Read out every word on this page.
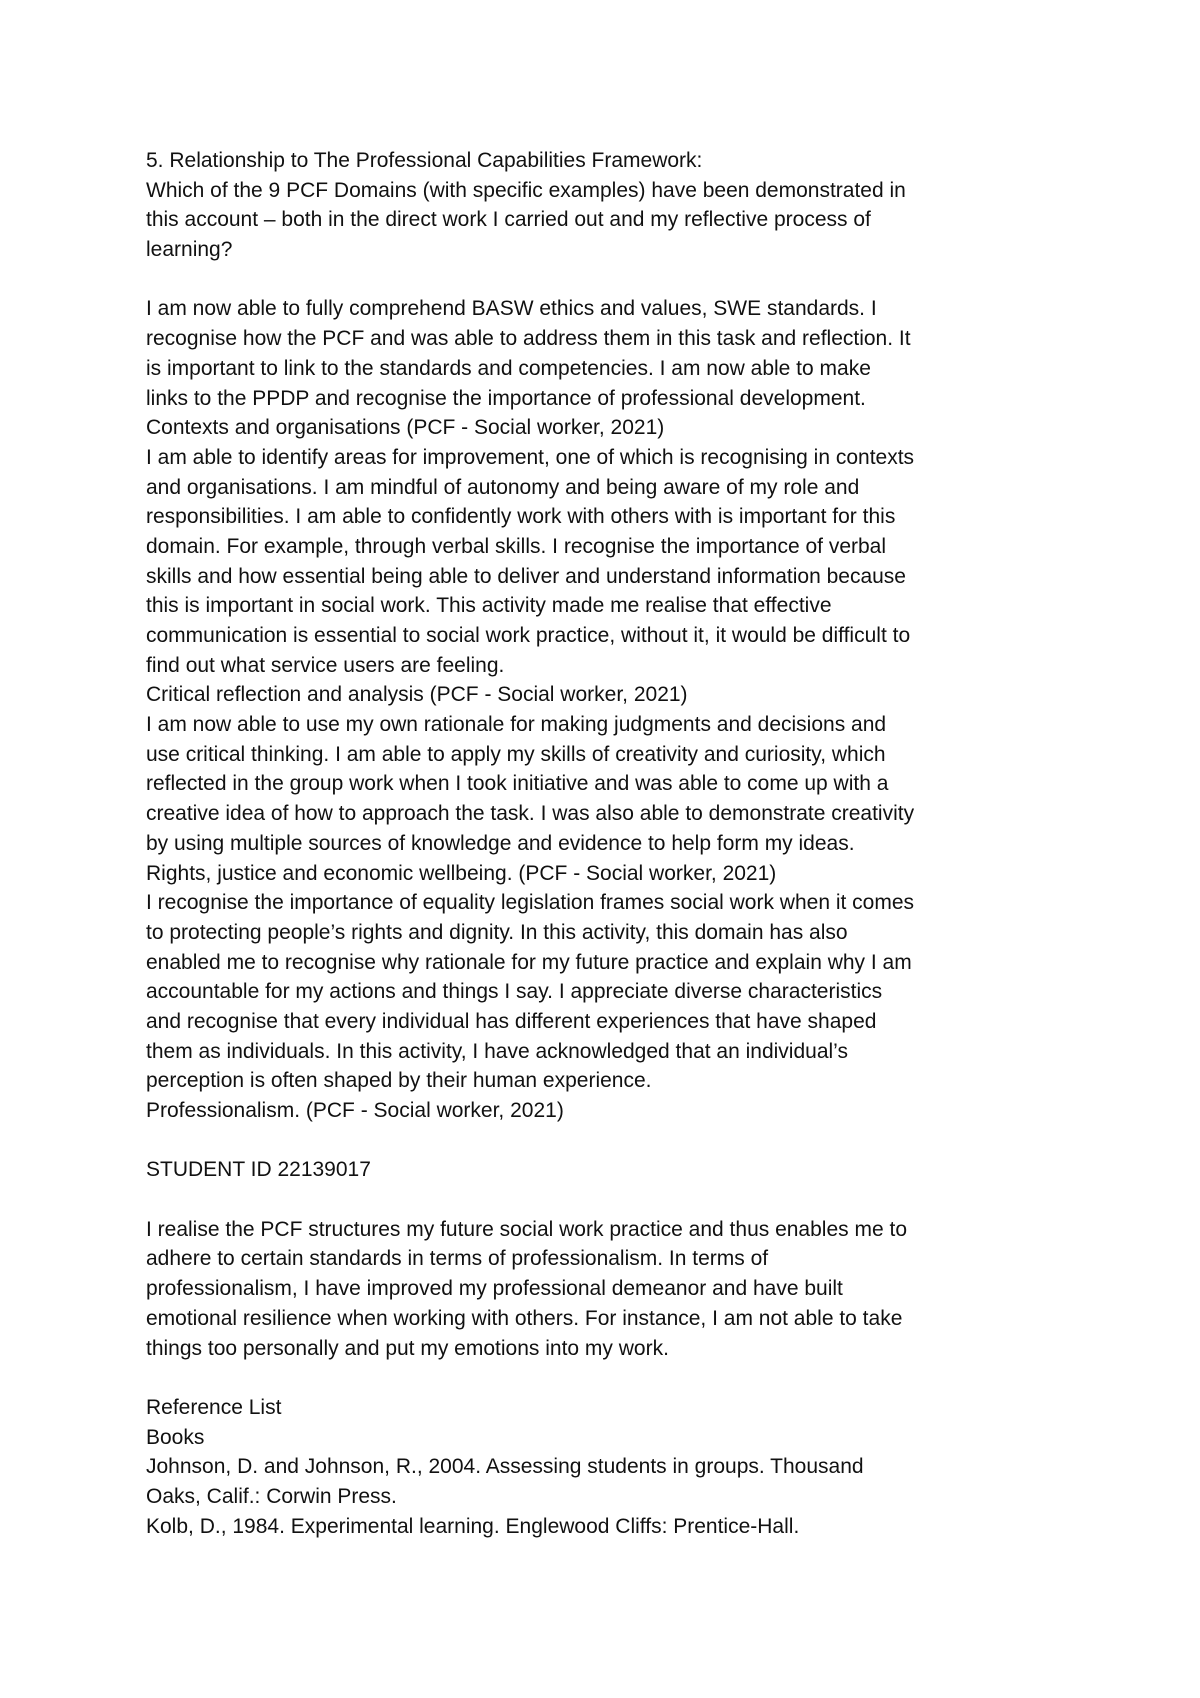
5. Relationship to The Professional Capabilities Framework:
Which of the 9 PCF Domains (with specific examples) have been demonstrated in
this account – both in the direct work I carried out and my reflective process of
learning?
I am now able to fully comprehend BASW ethics and values, SWE standards. I
recognise how the PCF and was able to address them in this task and reflection. It
is important to link to the standards and competencies. I am now able to make
links to the PPDP and recognise the importance of professional development.
Contexts and organisations (PCF - Social worker, 2021)
I am able to identify areas for improvement, one of which is recognising in contexts
and organisations. I am mindful of autonomy and being aware of my role and
responsibilities. I am able to confidently work with others with is important for this
domain. For example, through verbal skills. I recognise the importance of verbal
skills and how essential being able to deliver and understand information because
this is important in social work. This activity made me realise that effective
communication is essential to social work practice, without it, it would be difficult to
find out what service users are feeling.
Critical reflection and analysis (PCF - Social worker, 2021)
I am now able to use my own rationale for making judgments and decisions and
use critical thinking. I am able to apply my skills of creativity and curiosity, which
reflected in the group work when I took initiative and was able to come up with a
creative idea of how to approach the task. I was also able to demonstrate creativity
by using multiple sources of knowledge and evidence to help form my ideas.
Rights, justice and economic wellbeing. (PCF - Social worker, 2021)
I recognise the importance of equality legislation frames social work when it comes
to protecting people’s rights and dignity. In this activity, this domain has also
enabled me to recognise why rationale for my future practice and explain why I am
accountable for my actions and things I say. I appreciate diverse characteristics
and recognise that every individual has different experiences that have shaped
them as individuals. In this activity, I have acknowledged that an individual’s
perception is often shaped by their human experience.
Professionalism. (PCF - Social worker, 2021)
STUDENT ID 22139017
I realise the PCF structures my future social work practice and thus enables me to
adhere to certain standards in terms of professionalism. In terms of
professionalism, I have improved my professional demeanor and have built
emotional resilience when working with others. For instance, I am not able to take
things too personally and put my emotions into my work.
Reference List
Books
Johnson, D. and Johnson, R., 2004. Assessing students in groups. Thousand
Oaks, Calif.: Corwin Press.
Kolb, D., 1984. Experimental learning. Englewood Cliffs: Prentice-Hall.
